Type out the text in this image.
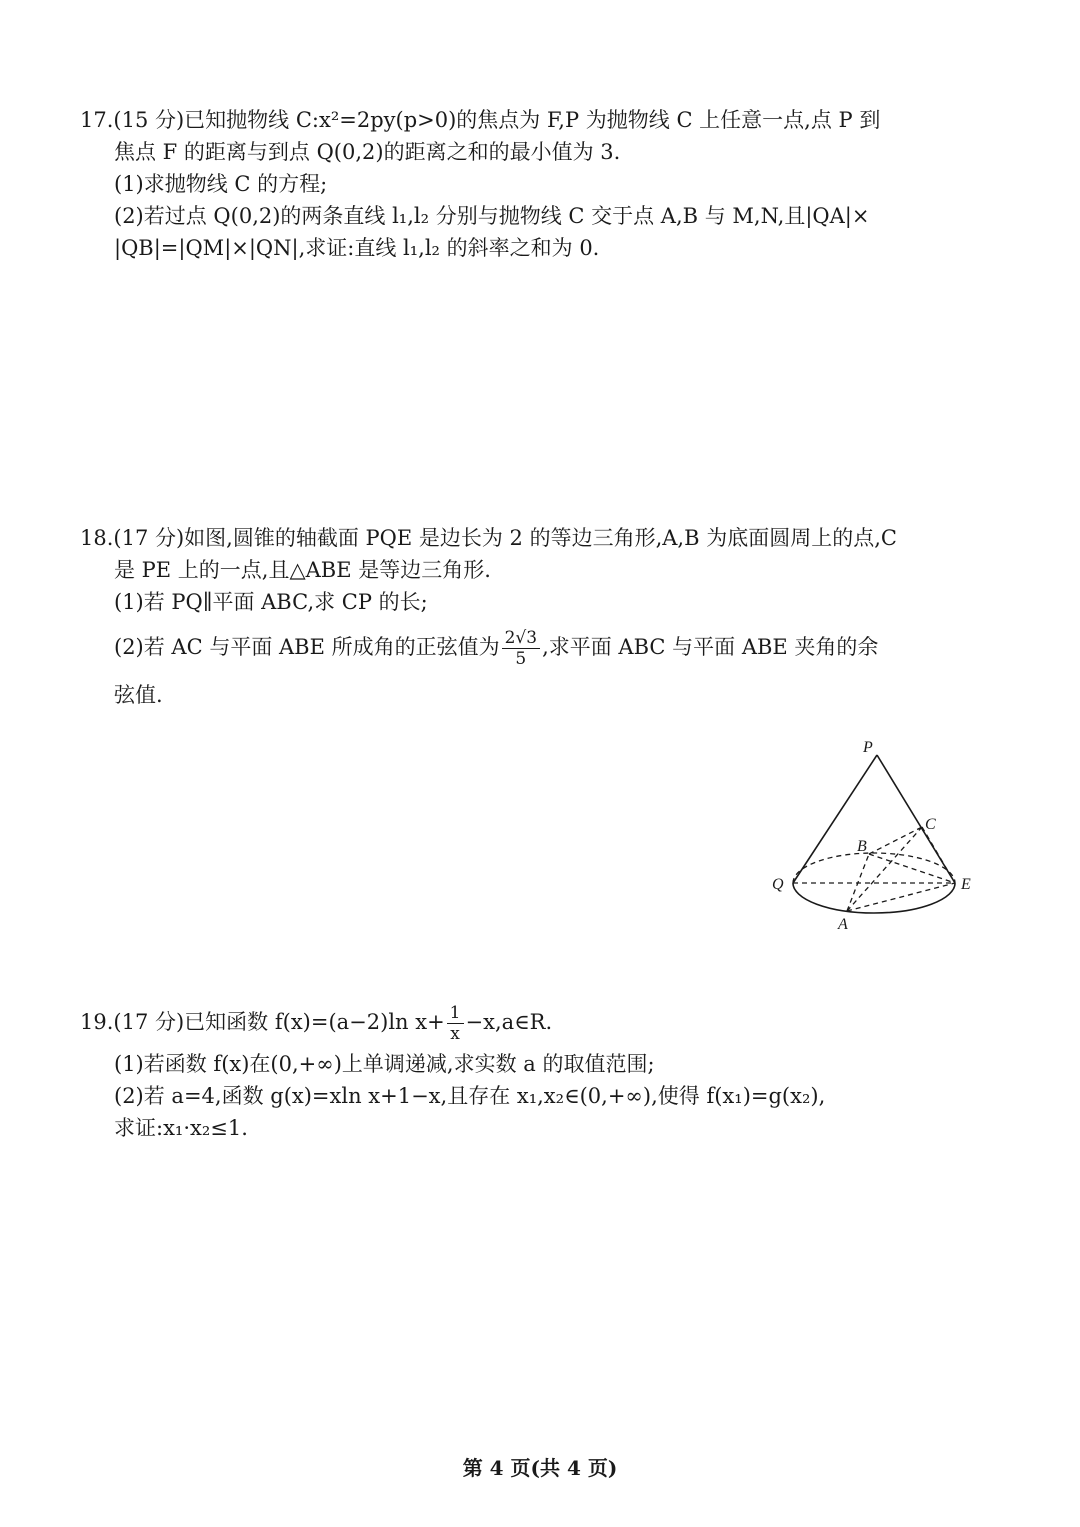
17.(15 分)已知抛物线 C:x²=2py(p>0)的焦点为 F,P 为抛物线 C 上任意一点,点 P 到
焦点 F 的距离与到点 Q(0,2)的距离之和的最小值为 3.
(1)求抛物线 C 的方程;
(2)若过点 Q(0,2)的两条直线 l₁,l₂ 分别与抛物线 C 交于点 A,B 与 M,N,且|QA|×
|QB|=|QM|×|QN|,求证:直线 l₁,l₂ 的斜率之和为 0.
18.(17 分)如图,圆锥的轴截面 PQE 是边长为 2 的等边三角形,A,B 为底面圆周上的点,C
是 PE 上的一点,且△ABE 是等边三角形.
(1)若 PQ∥平面 ABC,求 CP 的长;
(2)若 AC 与平面 ABE 所成角的正弦值为 $\frac{2√3}{5}$ ,求平面 ABC 与平面 ABE 夹角的余
弦值.
P
C
B
Q	E
A
19.(17 分)已知函数 f(x)=(a−2)ln $x+ \frac{1}{x}$ −x,a∈R.
(1)若函数 f(x)在(0,+∞)上单调递减,求实数 a 的取值范围;
(2)若 a=4,函数 g(x)=xln x+1−x,且存在 x₁,x₂∈(0,+∞),使得 f(x₁)=g(x₂),
求证:x₁·x₂≤1.
第 4 页(共 4 页)
